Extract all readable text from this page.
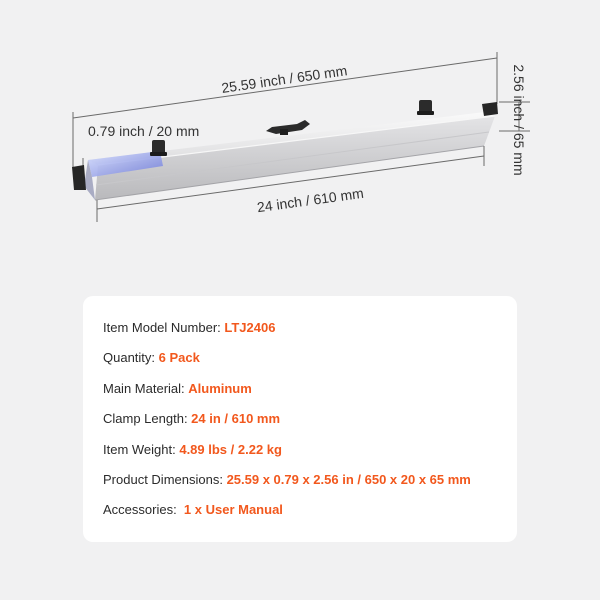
25.59 inch / 650 mm	2.56 inch / 65 mm
0.79 inch / 20 mm
24 inch / 610 mm
Item Model Number: LTJ2406
Quantity: 6 Pack
Main Material: Aluminum
Clamp Length: 24 in / 610 mm
Item Weight: 4.89 lbs / 2.22 kg
Product Dimensions: 25.59 x 0.79 x 2.56 in / 650 x 20 x 65 mm
Accessories:  1 x User Manual
